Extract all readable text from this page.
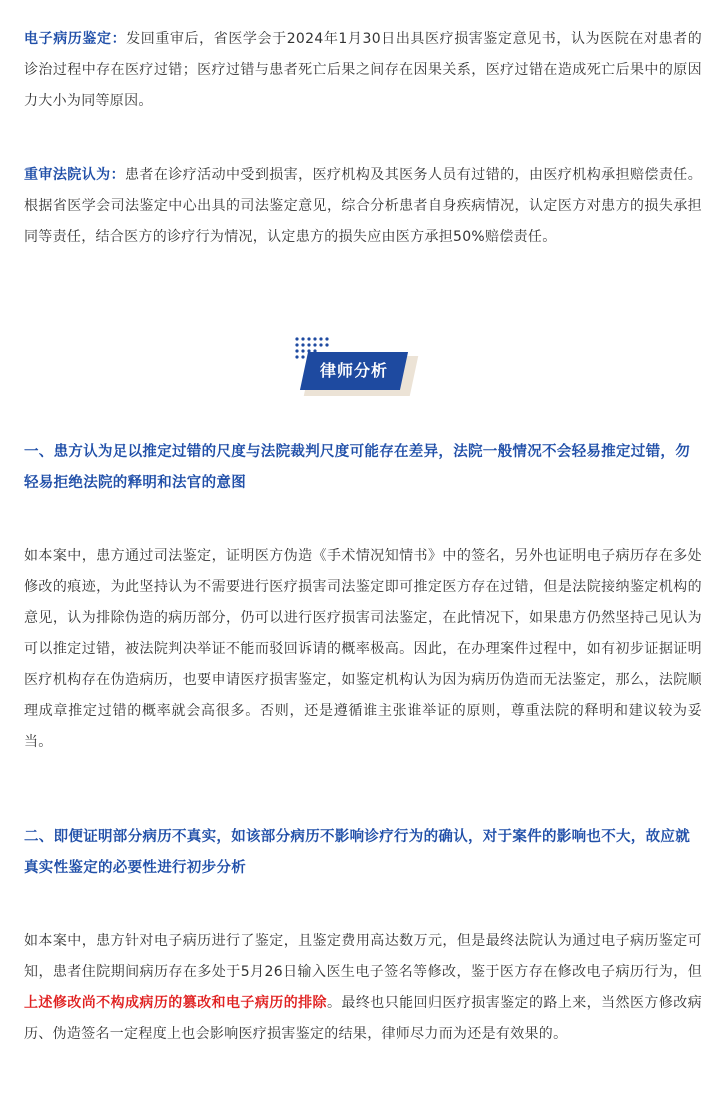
电子病历鉴定：发回重审后，省医学会于2024年1月30日出具医疗损害鉴定意见书，认为医院在对患者的诊治过程中存在医疗过错；医疗过错与患者死亡后果之间存在因果关系，医疗过错在造成死亡后果中的原因力大小为同等原因。

重审法院认为：患者在诊疗活动中受到损害，医疗机构及其医务人员有过错的，由医疗机构承担赔偿责任。根据省医学会司法鉴定中心出具的司法鉴定意见，综合分析患者自身疾病情况，认定医方对患方的损失承担同等责任，结合医方的诊疗行为情况，认定患方的损失应由医方承担50%赔偿责任。

律师分析

一、患方认为足以推定过错的尺度与法院裁判尺度可能存在差异，法院一般情况不会轻易推定过错，勿轻易拒绝法院的释明和法官的意图

如本案中，患方通过司法鉴定，证明医方伪造《手术情况知情书》中的签名，另外也证明电子病历存在多处修改的痕迹，为此坚持认为不需要进行医疗损害司法鉴定即可推定医方存在过错，但是法院接纳鉴定机构的意见，认为排除伪造的病历部分，仍可以进行医疗损害司法鉴定，在此情况下，如果患方仍然坚持己见认为可以推定过错，被法院判决举证不能而驳回诉请的概率极高。因此，在办理案件过程中，如有初步证据证明医疗机构存在伪造病历，也要申请医疗损害鉴定，如鉴定机构认为因为病历伪造而无法鉴定，那么，法院顺理成章推定过错的概率就会高很多。否则，还是遵循谁主张谁举证的原则，尊重法院的释明和建议较为妥当。

二、即便证明部分病历不真实，如该部分病历不影响诊疗行为的确认，对于案件的影响也不大，故应就真实性鉴定的必要性进行初步分析

如本案中，患方针对电子病历进行了鉴定，且鉴定费用高达数万元，但是最终法院认为通过电子病历鉴定可知，患者住院期间病历存在多处于5月26日输入医生电子签名等修改，鉴于医方存在修改电子病历行为，但上述修改尚不构成病历的篡改和电子病历的排除。最终也只能回归医疗损害鉴定的路上来，当然医方修改病历、伪造签名一定程度上也会影响医疗损害鉴定的结果，律师尽力而为还是有效果的。
